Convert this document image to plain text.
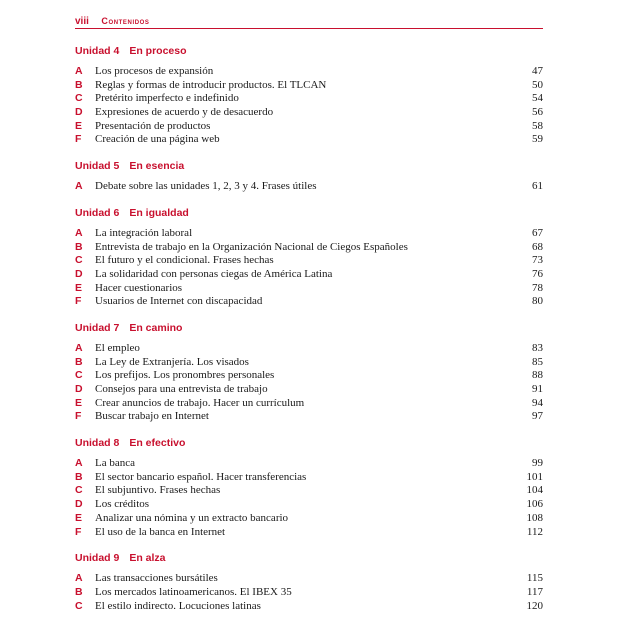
viii Contenidos
Unidad 4 En proceso
A	Los procesos de expansión	47
B	Reglas y formas de introducir productos. El TLCAN	50
C	Pretérito imperfecto e indefinido	54
D	Expresiones de acuerdo y de desacuerdo	56
E	Presentación de productos	58
F	Creación de una página web	59
Unidad 5 En esencia
A	Debate sobre las unidades 1, 2, 3 y 4. Frases útiles	61
Unidad 6 En igualdad
A	La integración laboral	67
B	Entrevista de trabajo en la Organización Nacional de Ciegos Españoles	68
C	El futuro y el condicional. Frases hechas	73
D	La solidaridad con personas ciegas de América Latina	76
E	Hacer cuestionarios	78
F	Usuarios de Internet con discapacidad	80
Unidad 7 En camino
A	El empleo	83
B	La Ley de Extranjería. Los visados	85
C	Los prefijos. Los pronombres personales	88
D	Consejos para una entrevista de trabajo	91
E	Crear anuncios de trabajo. Hacer un currículum	94
F	Buscar trabajo en Internet	97
Unidad 8 En efectivo
A	La banca	99
B	El sector bancario español. Hacer transferencias	101
C	El subjuntivo. Frases hechas	104
D	Los créditos	106
E	Analizar una nómina y un extracto bancario	108
F	El uso de la banca en Internet	112
Unidad 9 En alza
A	Las transacciones bursátiles	115
B	Los mercados latinoamericanos. El IBEX 35	117
C	El estilo indirecto. Locuciones latinas	120
